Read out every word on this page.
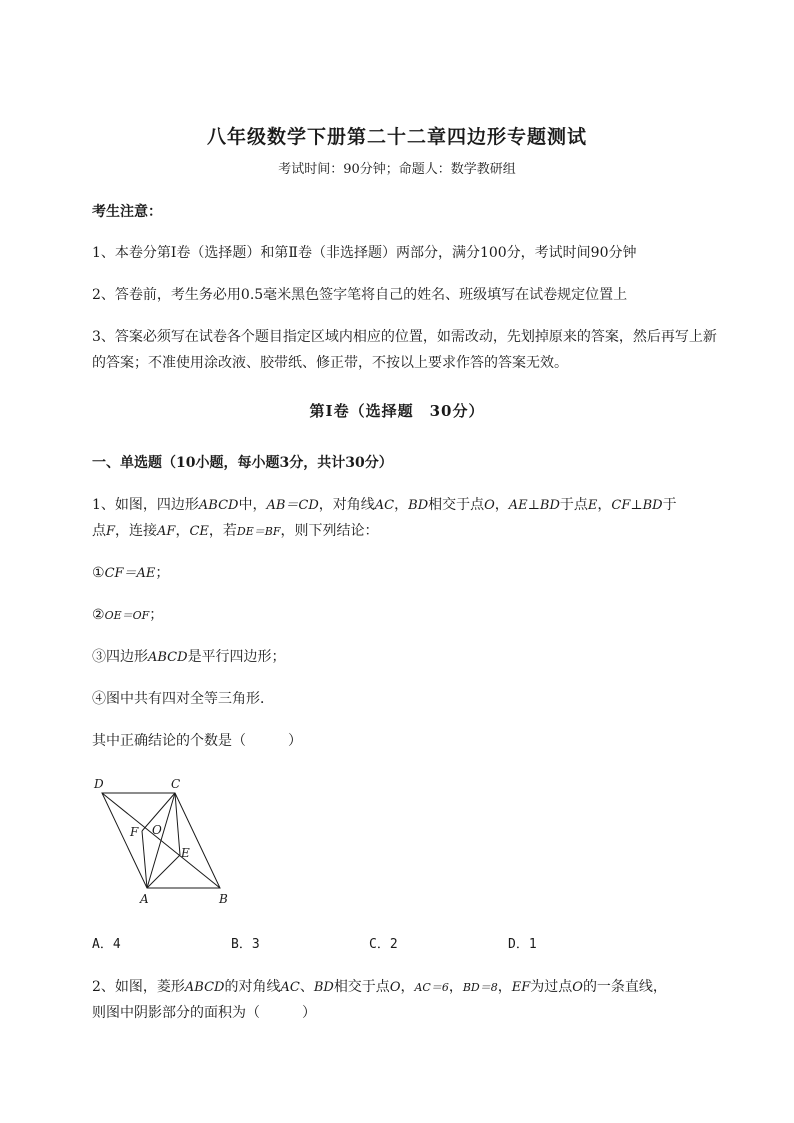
八年级数学下册第二十二章四边形专题测试
考试时间：90分钟；命题人：数学教研组
考生注意：
1、本卷分第I卷（选择题）和第Ⅱ卷（非选择题）两部分，满分100分，考试时间90分钟
2、答卷前，考生务必用0.5毫米黑色签字笔将自己的姓名、班级填写在试卷规定位置上
3、答案必须写在试卷各个题目指定区域内相应的位置，如需改动，先划掉原来的答案，然后再写上新
的答案；不准使用涂改液、胶带纸、修正带，不按以上要求作答的答案无效。
第I卷（选择题　30分）
一、单选题（10小题，每小题3分，共计30分）
1、如图，四边形ABCD中，AB＝CD，对角线AC，BD相交于点O，AE⊥BD于点E，CF⊥BD于
点F，连接AF，CE，若DE＝BF，则下列结论：
①CF＝AE；
②OE＝OF；
③四边形ABCD是平行四边形；
④图中共有四对全等三角形．
其中正确结论的个数是（　　　）
D	C
F O
E
A	B
A．4	B．3	C．2	D．1
2、如图，菱形ABCD的对角线AC、BD相交于点O，AC＝6，BD＝8，EF为过点O的一条直线，
则图中阴影部分的面积为（　　　）
